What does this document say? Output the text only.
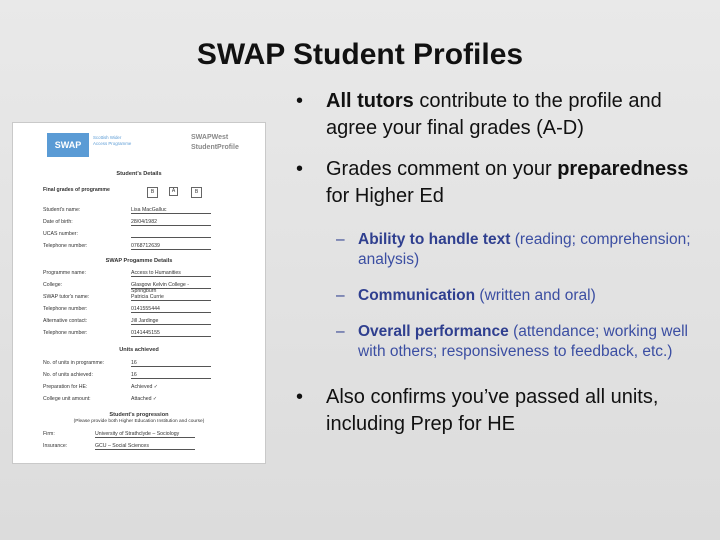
SWAP Student Profiles
SWAP
Scottish Wider Access Programme
SWAPWest
StudentProfile
Student’s Details
Final grades of programme	B	A	B
Student's name:	Lisa MacGalluc
Date of birth:	28/04/1982
UCAS number:
Telephone number:	0768712639
SWAP Progamme Details
Programme name:	Access to Humanities
College:	Glasgow Kelvin College - Springburn
SWAP tutor's name:	Patricia Currie
Telephone number:	0141555444
Alternative contact:	Jill Jardinge
Telephone number:	0141445155
Units achieved
No. of units in programme:	16
No. of units achieved:	16
Preparation for HE:	Achieved ✓
College unit amount:	Attached ✓
Student's progression
(Please provide both Higher Education Institution and course)
Firm:	University of Strathclyde – Sociology
Insurance:	GCU – Social Sciences
• All tutors contribute to the profile and agree your final grades (A-D)
• Grades comment on your preparedness for Higher Ed
– Ability to handle text (reading; comprehension; analysis)
– Communication (written and oral)
– Overall performance (attendance; working well with others; responsiveness to feedback, etc.)
• Also confirms you’ve passed all units, including Prep for HE
